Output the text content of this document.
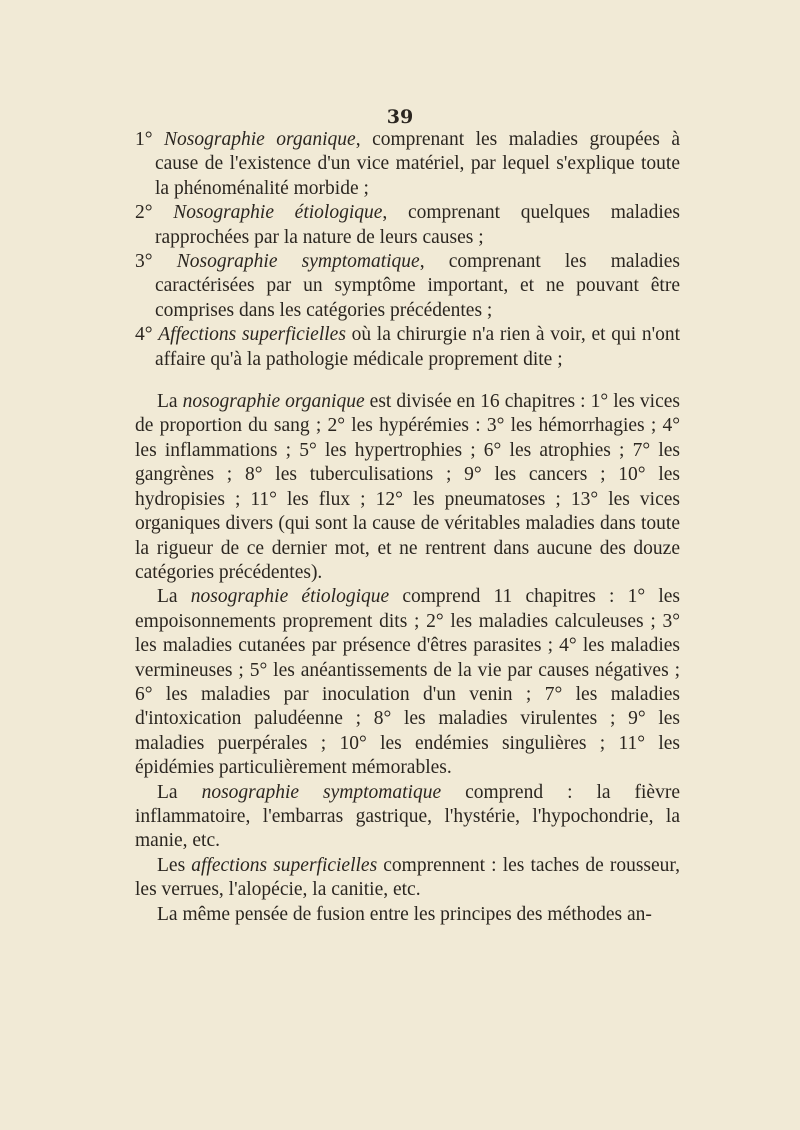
39

1° Nosographie organique, comprenant les maladies groupées à cause de l'existence d'un vice matériel, par lequel s'explique toute la phénoménalité morbide ;

2° Nosographie étiologique, comprenant quelques maladies rapprochées par la nature de leurs causes ;

3° Nosographie symptomatique, comprenant les maladies caractérisées par un symptôme important, et ne pouvant être comprises dans les catégories précédentes ;

4° Affections superficielles où la chirurgie n'a rien à voir, et qui n'ont affaire qu'à la pathologie médicale proprement dite ;

La nosographie organique est divisée en 16 chapitres : 1° les vices de proportion du sang ; 2° les hypérémies : 3° les hémorrhagies ; 4° les inflammations ; 5° les hypertrophies ; 6° les atrophies ; 7° les gangrènes ; 8° les tuberculisations ; 9° les cancers ; 10° les hydropisies ; 11° les flux ; 12° les pneumatoses ; 13° les vices organiques divers (qui sont la cause de véritables maladies dans toute la rigueur de ce dernier mot, et ne rentrent dans aucune des douze catégories précédentes).

La nosographie étiologique comprend 11 chapitres : 1° les empoisonnements proprement dits ; 2° les maladies calculeuses ; 3° les maladies cutanées par présence d'êtres parasites ; 4° les maladies vermineuses ; 5° les anéantissements de la vie par causes négatives ; 6° les maladies par inoculation d'un venin ; 7° les maladies d'intoxication paludéenne ; 8° les maladies virulentes ; 9° les maladies puerpérales ; 10° les endémies singulières ; 11° les épidémies particulièrement mémorables.

La nosographie symptomatique comprend : la fièvre inflammatoire, l'embarras gastrique, l'hystérie, l'hypochondrie, la manie, etc.

Les affections superficielles comprennent : les taches de rousseur, les verrues, l'alopécie, la canitie, etc.

La même pensée de fusion entre les principes des méthodes an-
